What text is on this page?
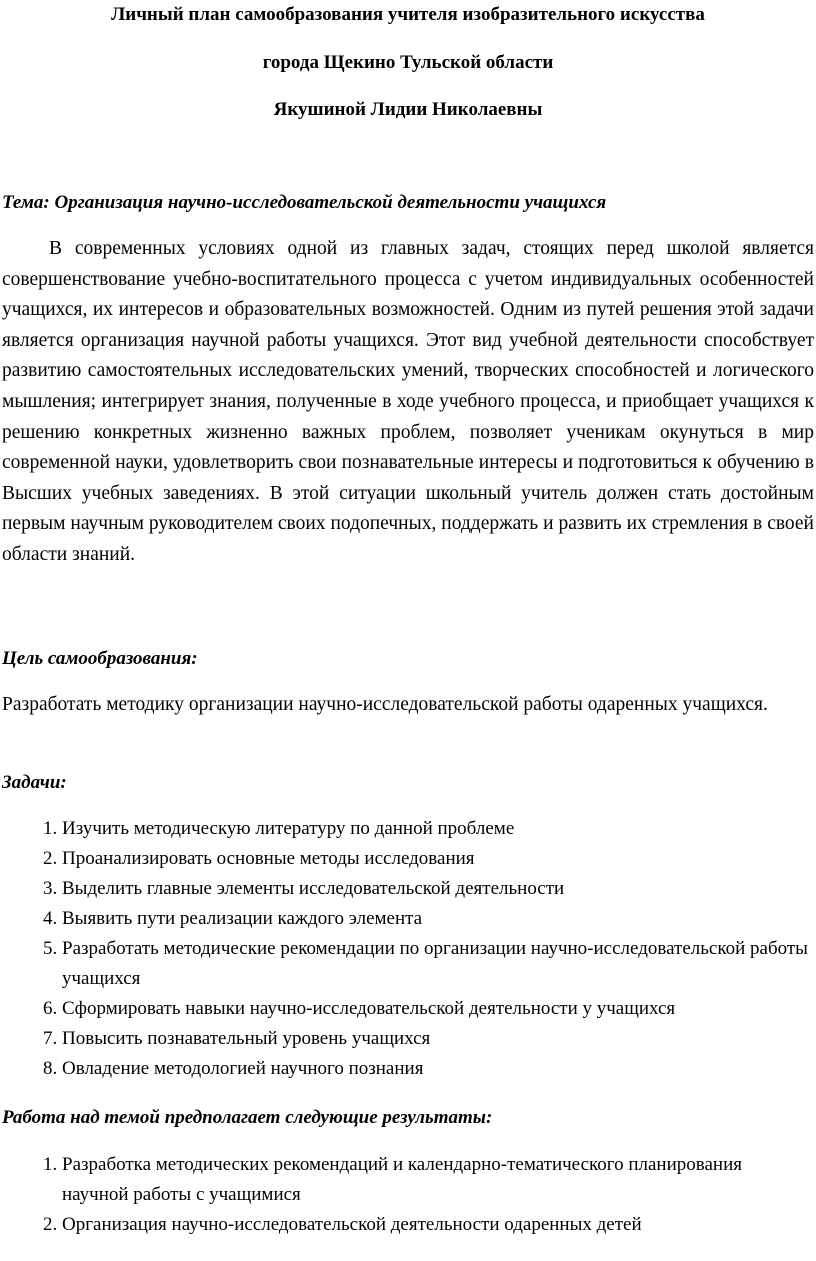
Личный план самообразования учителя изобразительного искусства

города Щекино Тульской области

Якушиной Лидии Николаевны

Тема: Организация научно-исследовательской деятельности учащихся

В современных условиях одной из главных задач, стоящих перед школой является совершенствование учебно-воспитательного процесса с учетом индивидуальных особенностей учащихся, их интересов и образовательных возможностей. Одним из путей решения этой задачи является организация научной работы учащихся. Этот вид учебной деятельности способствует развитию самостоятельных исследовательских умений, творческих способностей и логического мышления; интегрирует знания, полученные в ходе учебного процесса, и приобщает учащихся к решению конкретных жизненно важных проблем, позволяет ученикам окунуться в мир современной науки, удовлетворить свои познавательные интересы и подготовиться к обучению в Высших учебных заведениях. В этой ситуации школьный учитель должен стать достойным первым научным руководителем своих подопечных, поддержать и развить их стремления в своей области знаний.

Цель самообразования:

Разработать методику организации научно-исследовательской работы одаренных учащихся.

Задачи:
1. Изучить методическую литературу по данной проблеме
2. Проанализировать основные методы исследования
3. Выделить главные элементы исследовательской деятельности
4. Выявить пути реализации каждого элемента
5. Разработать методические рекомендации по организации научно-исследовательской работы учащихся
6. Сформировать навыки научно-исследовательской деятельности у учащихся
7. Повысить познавательный уровень учащихся
8. Овладение методологией научного познания
Работа над темой предполагает следующие результаты:
1. Разработка методических рекомендаций и календарно-тематического планирования научной работы с учащимися
2. Организация научно-исследовательской деятельности одаренных детей
